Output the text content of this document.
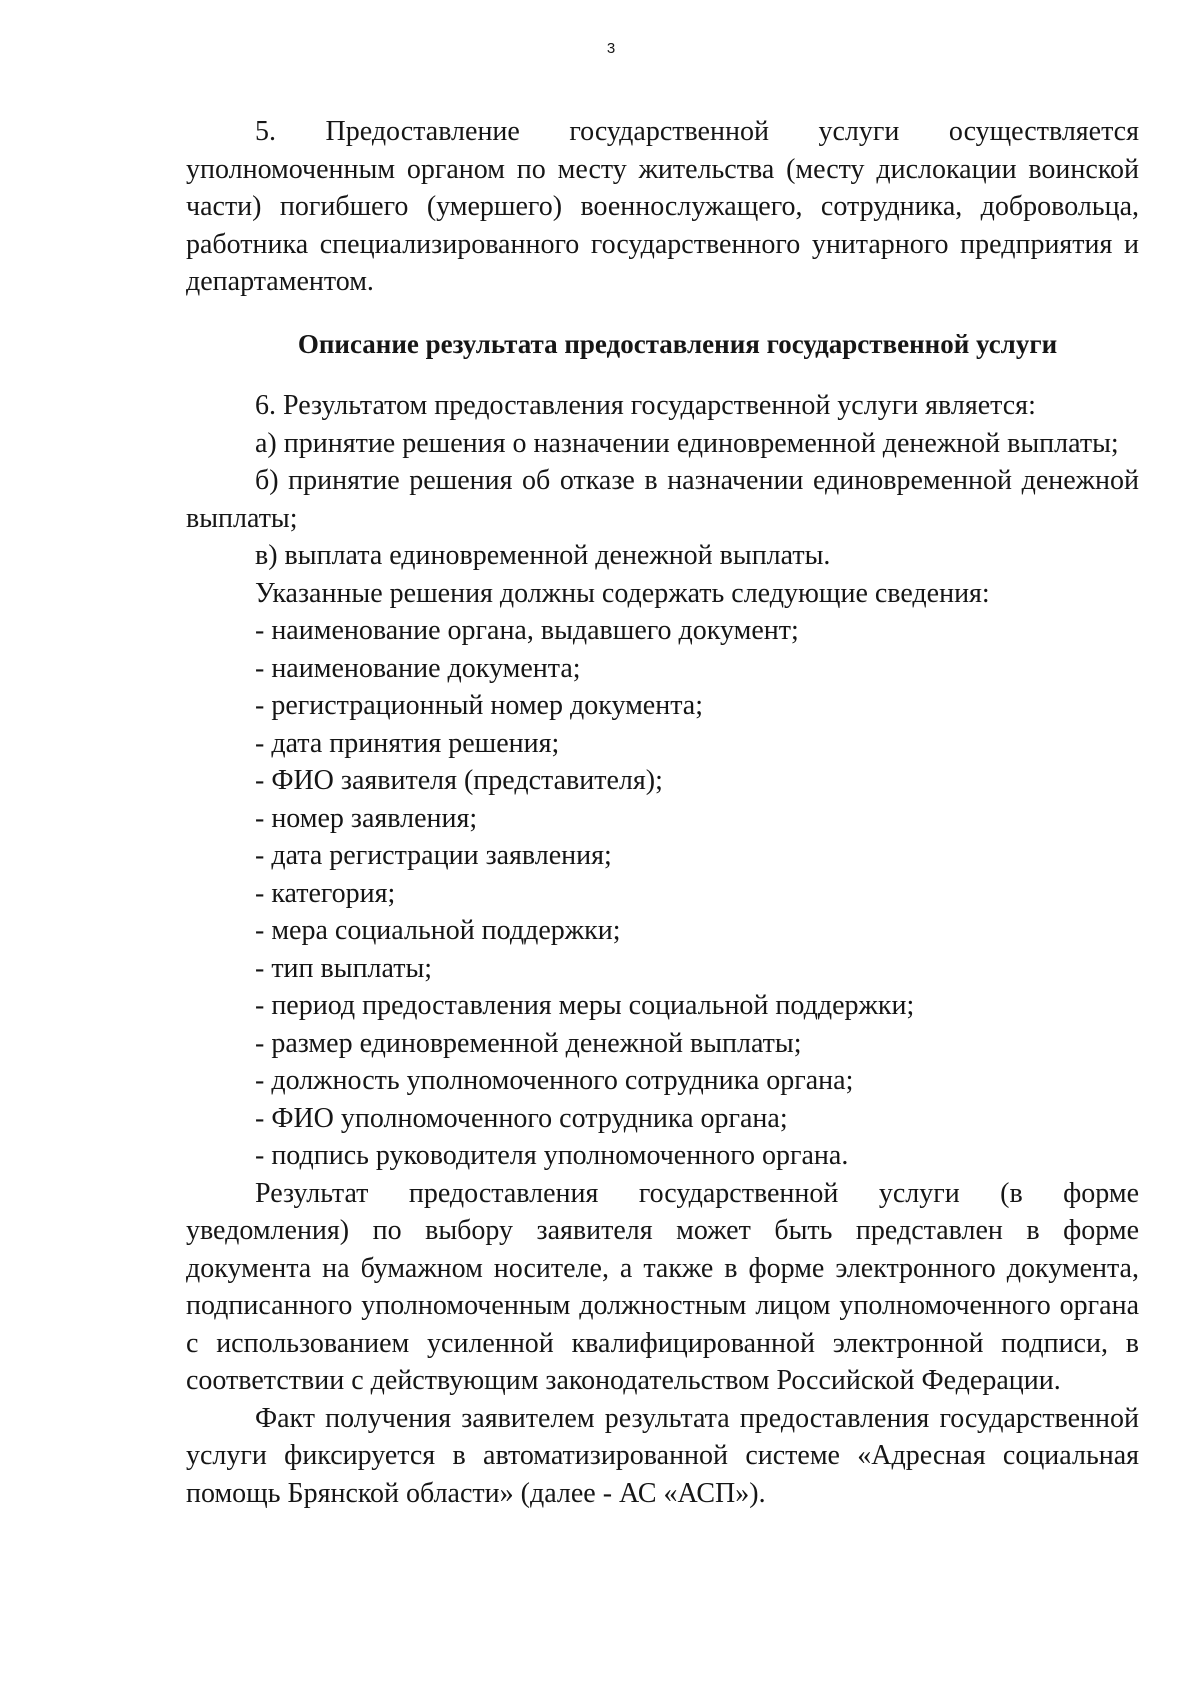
3

5. Предоставление государственной услуги осуществляется уполномоченным органом по месту жительства (месту дислокации воинской части) погибшего (умершего) военнослужащего, сотрудника, добровольца, работника специализированного государственного унитарного предприятия и департаментом.

Описание результата предоставления государственной услуги

6. Результатом предоставления государственной услуги является:

а) принятие решения о назначении единовременной денежной выплаты;

б) принятие решения об отказе в назначении единовременной денежной выплаты;

в) выплата единовременной денежной выплаты.

Указанные решения должны содержать следующие сведения:

- наименование органа, выдавшего документ;

- наименование документа;

- регистрационный номер документа;

- дата принятия решения;

- ФИО заявителя (представителя);

- номер заявления;

- дата регистрации заявления;

- категория;

- мера социальной поддержки;

- тип выплаты;

- период предоставления меры социальной поддержки;

- размер единовременной денежной выплаты;

- должность уполномоченного сотрудника органа;

- ФИО уполномоченного сотрудника органа;

- подпись руководителя уполномоченного органа.

Результат предоставления государственной услуги (в форме уведомления) по выбору заявителя может быть представлен в форме документа на бумажном носителе, а также в форме электронного документа, подписанного уполномоченным должностным лицом уполномоченного органа с использованием усиленной квалифицированной электронной подписи, в соответствии с действующим законодательством Российской Федерации.

Факт получения заявителем результата предоставления государственной услуги фиксируется в автоматизированной системе «Адресная социальная помощь Брянской области» (далее - АС «АСП»).
